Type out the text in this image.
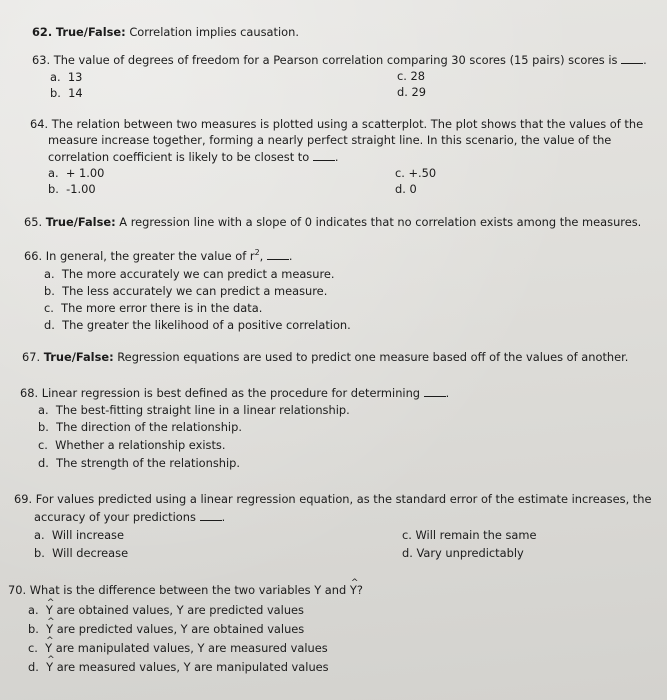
62. True/False: Correlation implies causation.
63. The value of degrees of freedom for a Pearson correlation comparing 30 scores (15 pairs) scores is .
a. 13
b. 14
c. 28
d. 29
64. The relation between two measures is plotted using a scatterplot. The plot shows that the values of the
measure increase together, forming a nearly perfect straight line. In this scenario, the value of the
correlation coefficient is likely to be closest to .
a. + 1.00
b. -1.00
c. +.50
d. 0
65. True/False: A regression line with a slope of 0 indicates that no correlation exists among the measures.
66. In general, the greater the value of $r^2$, .
a. The more accurately we can predict a measure.
b. The less accurately we can predict a measure.
c. The more error there is in the data.
d. The greater the likelihood of a positive correlation.
67. True/False: Regression equations are used to predict one measure based off of the values of another.
68. Linear regression is best defined as the procedure for determining .
a. The best-fitting straight line in a linear relationship.
b. The direction of the relationship.
c. Whether a relationship exists.
d. The strength of the relationship.
69. For values predicted using a linear regression equation, as the standard error of the estimate increases, the
accuracy of your predictions .
a. Will increase
b. Will decrease
c. Will remain the same
d. Vary unpredictably
70. What is the difference between the two variables Y and ^ Y?
a. ^ Y are obtained values, Y are predicted values
b. ^ Y are predicted values, Y are obtained values
c. ^ Y are manipulated values, Y are measured values
d. ^ Y are measured values, Y are manipulated values
